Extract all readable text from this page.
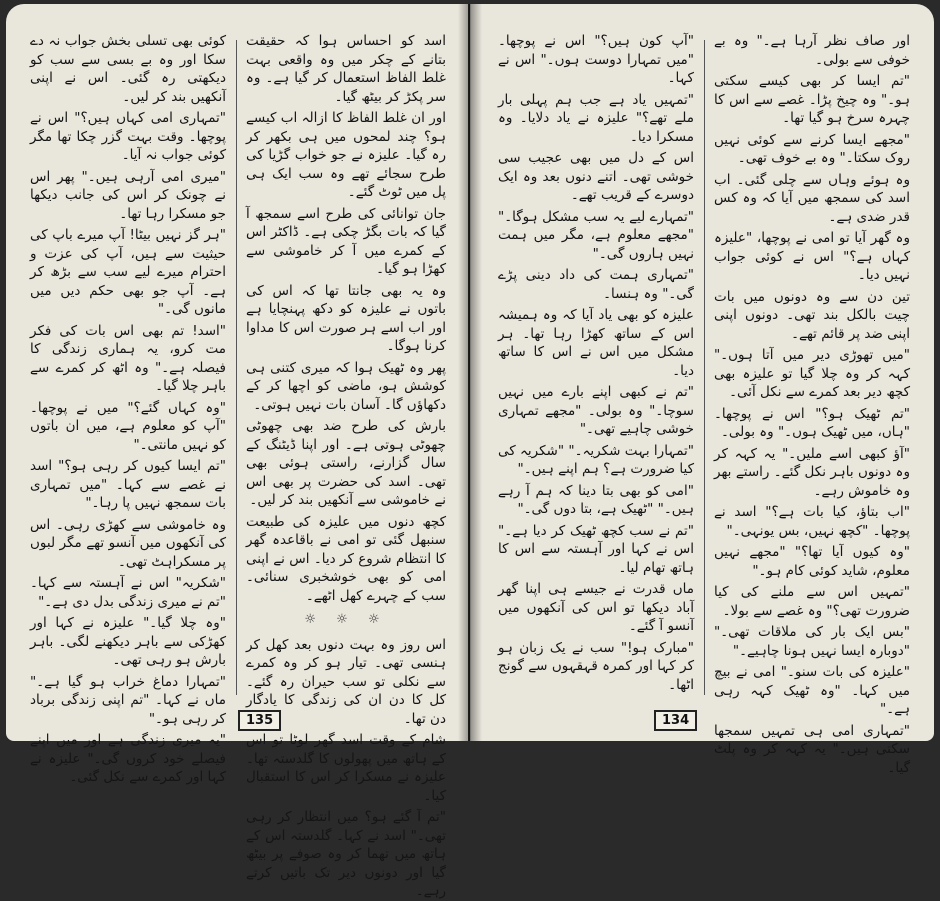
کوئی بھی تسلی بخش جواب نہ دے سکا اور وہ بے بسی سے سب کو دیکھتی رہ گئی۔ اس نے اپنی آنکھیں بند کر لیں۔

"تمہاری امی کہاں ہیں؟" اس نے پوچھا۔ وقت بہت گزر چکا تھا مگر کوئی جواب نہ آیا۔

"میری امی آرہی ہیں۔" پھر اس نے چونک کر اس کی جانب دیکھا جو مسکرا رہا تھا۔

"ہر گز نہیں بیٹا! آپ میرے باپ کی حیثیت سے ہیں، آپ کی عزت و احترام میرے لیے سب سے بڑھ کر ہے۔ آپ جو بھی حکم دیں میں مانوں گی۔"

"اسد! تم بھی اس بات کی فکر مت کرو، یہ ہماری زندگی کا فیصلہ ہے۔" وہ اٹھ کر کمرے سے باہر چلا گیا۔

"وہ کہاں گئے؟" میں نے پوچھا۔ "آپ کو معلوم ہے، میں ان باتوں کو نہیں مانتی۔"

"تم ایسا کیوں کر رہی ہو؟" اسد نے غصے سے کہا۔ "میں تمہاری بات سمجھ نہیں پا رہا۔"

وہ خاموشی سے کھڑی رہی۔ اس کی آنکھوں میں آنسو تھے مگر لبوں پر مسکراہٹ تھی۔

"شکریہ" اس نے آہستہ سے کہا۔ "تم نے میری زندگی بدل دی ہے۔"

"وہ چلا گیا۔" علیزہ نے کہا اور کھڑکی سے باہر دیکھنے لگی۔ باہر بارش ہو رہی تھی۔

"تمہارا دماغ خراب ہو گیا ہے۔" ماں نے کہا۔ "تم اپنی زندگی برباد کر رہی ہو۔"

"یہ میری زندگی ہے اور میں اپنے فیصلے خود کروں گی۔" علیزہ نے کہا اور کمرے سے نکل گئی۔

اسد کو احساس ہوا کہ حقیقت بتانے کے چکر میں وہ واقعی بہت غلط الفاظ استعمال کر گیا ہے۔ وہ سر پکڑ کر بیٹھ گیا۔

اور ان غلط الفاظ کا ازالہ اب کیسے ہو؟ چند لمحوں میں ہی بکھر کر رہ گیا۔ علیزہ نے جو خواب گڑیا کی طرح سجائے تھے وہ سب ایک ہی پل میں ٹوٹ گئے۔

جان توانائی کی طرح اسے سمجھ آ گیا کہ بات بگڑ چکی ہے۔ ڈاکٹر اس کے کمرے میں آ کر خاموشی سے کھڑا ہو گیا۔

وہ یہ بھی جانتا تھا کہ اس کی باتوں نے علیزہ کو دکھ پہنچایا ہے اور اب اسے ہر صورت اس کا مداوا کرنا ہوگا۔

پھر وہ ٹھیک ہوا کہ میری کتنی ہی کوشش ہو، ماضی کو اچھا کر کے دکھاؤں گا۔ آسان بات نہیں ہوتی۔

بارش کی طرح ضد بھی چھوٹی چھوٹی ہوتی ہے۔ اور اپنا ڈیٹنگ کے سال گزارنے، راستی ہوئی بھی تھی۔ اسد کی حضرت پر بھی اس نے خاموشی سے آنکھیں بند کر لیں۔

کچھ دنوں میں علیزہ کی طبیعت سنبھل گئی تو امی نے باقاعدہ گھر کا انتظام شروع کر دیا۔ اس نے اپنی امی کو بھی خوشخبری سنائی۔ سب کے چہرے کھل اٹھے۔

☼ ☼ ☼

اس روز وہ بہت دنوں بعد کھل کر ہنسی تھی۔ تیار ہو کر وہ کمرے سے نکلی تو سب حیران رہ گئے۔ کل کا دن ان کی زندگی کا یادگار دن تھا۔

شام کے وقت اسد گھر لوٹا تو اس کے ہاتھ میں پھولوں کا گلدستہ تھا۔ علیزہ نے مسکرا کر اس کا استقبال کیا۔

"تم آ گئے ہو؟ میں انتظار کر رہی تھی۔" اسد نے کہا۔ گلدستہ اس کے ہاتھ میں تھما کر وہ صوفے پر بیٹھ گیا اور دونوں دیر تک باتیں کرتے رہے۔

135

"آپ کون ہیں؟" اس نے پوچھا۔ "میں تمہارا دوست ہوں۔" اس نے کہا۔

"تمہیں یاد ہے جب ہم پہلی بار ملے تھے؟" علیزہ نے یاد دلایا۔ وہ مسکرا دیا۔

اس کے دل میں بھی عجیب سی خوشی تھی۔ اتنے دنوں بعد وہ ایک دوسرے کے قریب تھے۔

"تمہارے لیے یہ سب مشکل ہوگا۔" "مجھے معلوم ہے، مگر میں ہمت نہیں ہاروں گی۔"

"تمہاری ہمت کی داد دینی پڑے گی۔" وہ ہنسا۔

علیزہ کو بھی یاد آیا کہ وہ ہمیشہ اس کے ساتھ کھڑا رہا تھا۔ ہر مشکل میں اس نے اس کا ساتھ دیا۔

"تم نے کبھی اپنے بارے میں نہیں سوچا۔" وہ بولی۔ "مجھے تمہاری خوشی چاہیے تھی۔"

"تمہارا بہت شکریہ۔" "شکریہ کی کیا ضرورت ہے؟ ہم اپنے ہیں۔"

"امی کو بھی بتا دینا کہ ہم آ رہے ہیں۔" "ٹھیک ہے، بتا دوں گی۔"

"تم نے سب کچھ ٹھیک کر دیا ہے۔" اس نے کہا اور آہستہ سے اس کا ہاتھ تھام لیا۔

ماں قدرت نے جیسے ہی اپنا گھر آباد دیکھا تو اس کی آنکھوں میں آنسو آ گئے۔

"مبارک ہو!" سب نے یک زبان ہو کر کہا اور کمرہ قہقہوں سے گونج اٹھا۔

اور صاف نظر آرہا ہے۔" وہ بے خوفی سے بولی۔

"تم ایسا کر بھی کیسے سکتی ہو۔" وہ چیخ پڑا۔ غصے سے اس کا چہرہ سرخ ہو گیا تھا۔

"مجھے ایسا کرنے سے کوئی نہیں روک سکتا۔" وہ بے خوف تھی۔

وہ ہوئے وہاں سے چلی گئی۔ اب اسد کی سمجھ میں آیا کہ وہ کس قدر ضدی ہے۔

وہ گھر آیا تو امی نے پوچھا، "علیزہ کہاں ہے؟" اس نے کوئی جواب نہیں دیا۔

تین دن سے وہ دونوں میں بات چیت بالکل بند تھی۔ دونوں اپنی اپنی ضد پر قائم تھے۔

"میں تھوڑی دیر میں آتا ہوں۔" کہہ کر وہ چلا گیا تو علیزہ بھی کچھ دیر بعد کمرے سے نکل آئی۔

"تم ٹھیک ہو؟" اس نے پوچھا۔ "ہاں، میں ٹھیک ہوں۔" وہ بولی۔

"آؤ کبھی اسے ملیں۔" یہ کہہ کر وہ دونوں باہر نکل گئے۔ راستے بھر وہ خاموش رہے۔

"اب بتاؤ، کیا بات ہے؟" اسد نے پوچھا۔ "کچھ نہیں، بس یونہی۔"

"وہ کیوں آیا تھا؟" "مجھے نہیں معلوم، شاید کوئی کام ہو۔"

"تمہیں اس سے ملنے کی کیا ضرورت تھی؟" وہ غصے سے بولا۔

"بس ایک بار کی ملاقات تھی۔" "دوبارہ ایسا نہیں ہونا چاہیے۔"

"علیزہ کی بات سنو۔" امی نے بیچ میں کہا۔ "وہ ٹھیک کہہ رہی ہے۔"

"تمہاری امی ہی تمہیں سمجھا سکتی ہیں۔" یہ کہہ کر وہ پلٹ گیا۔

134
